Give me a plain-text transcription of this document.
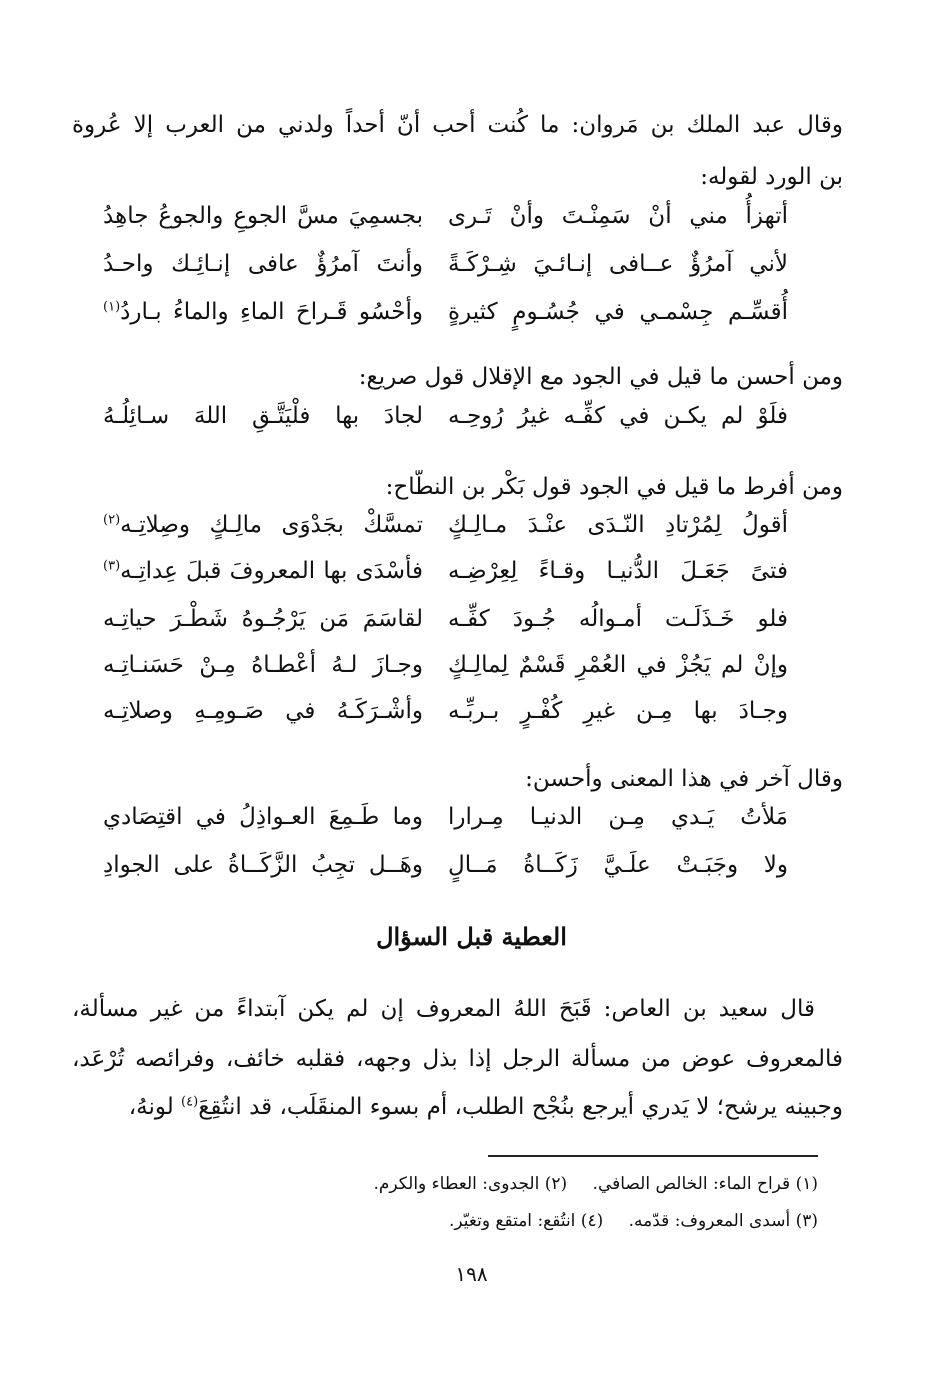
وقال عبد الملك بن مَروان: ما كُنت أُحب أنّ أحداً ولدني من العرب إلا عُروة
بن الورد لقوله:
أتهزأُ مني أنْ سَمِنْـتَ وأنْ تَـرى
بجسمِيَ مسَّ الجوعِ والجوعُ جاهِدُ
لأني آمرُؤٌ عــافى إنـائـيَ شِـرْكَـةً
وأنتَ آمرُؤٌ عافى إنـائِـك واحـدُ
أُقسِّـم جِسْمـي في جُسُـومٍ كثيرةٍ
وأحْسُو قَـراحَ الماءِ والماءُ بـاردُ$^{(١)}$
ومن أحسن ما قيل في الجود مع الإقلال قول صريع:
فلَوْ لم يكـن في كفِّـه غيرُ رُوحِـه
لجادَ بها فلْيَتَّـقِ اللهَ سـائِلُـهُ
ومن أفرط ما قيل في الجود قول بَكْر بن النطّاح:
أقولُ لِمُرْتادِ النّـدَى عنْـدَ مـالِـكٍ
تمسَّكْ بجَدْوَى مالِـكٍ وصِلاتِـه$^{(٢)}$
فتىً جَعَـلَ الدُّنيـا وقـاءً لِعِرْضِـه
فأسْدَى بها المعروفَ قبلَ عِداتِـه$^{(٣)}$
فلو خَـذَلَـت أمـوالُه جُـودَ كفِّـه
لقاسَمَ مَن يَرْجُـوهُ شَطْـرَ حياتِـه
وإنْ لم يَجُزْ في العُمْرِ قَسْمٌ لِمالِـكٍ
وجـازَ لـهُ أعْطـاهُ مِـنْ حَسَنـاتِـه
وجـادَ بها مِـن غيرِ كُفْـرٍ بـربِّـه
وأشْـرَكَـهُ في صَـومِـهِ وصلاتِـه
وقال آخر في هذا المعنى وأحسن:
مَلأتُ يَـدي مِـن الدنيـا مِـرارا
وما طَـمِعَ العـواذِلُ في اقتِصَادي
ولا وجَبَـتْ علَـيَّ زَكَــاةُ مَــالٍ
وهَــل تجِبُ الزَّكَــاةُ على الجوادِ
العطية قبل السؤال
قال سعيد بن العاص: قَبَحَ اللهُ المعروف إن لم يكن آبتداءً من غير مسألة،
فالمعروف عوض من مسألة الرجل إذا بذل وجهه، فقلبه خائف، وفرائصه تُرْعَد،
وجبينه يرشح؛ لا يَدري أيرجع بنُجْح الطلب، أم بسوء المنقَلَب، قد انتُقِعَ$^{(٤)}$ لونهُ،
(١) قراح الماء: الخالص الصافي. (٢) الجدوى: العطاء والكرم.
(٣) أسدى المعروف: قدّمه. (٤) انتُقع: امتقع وتغيّر.
١٩٨
